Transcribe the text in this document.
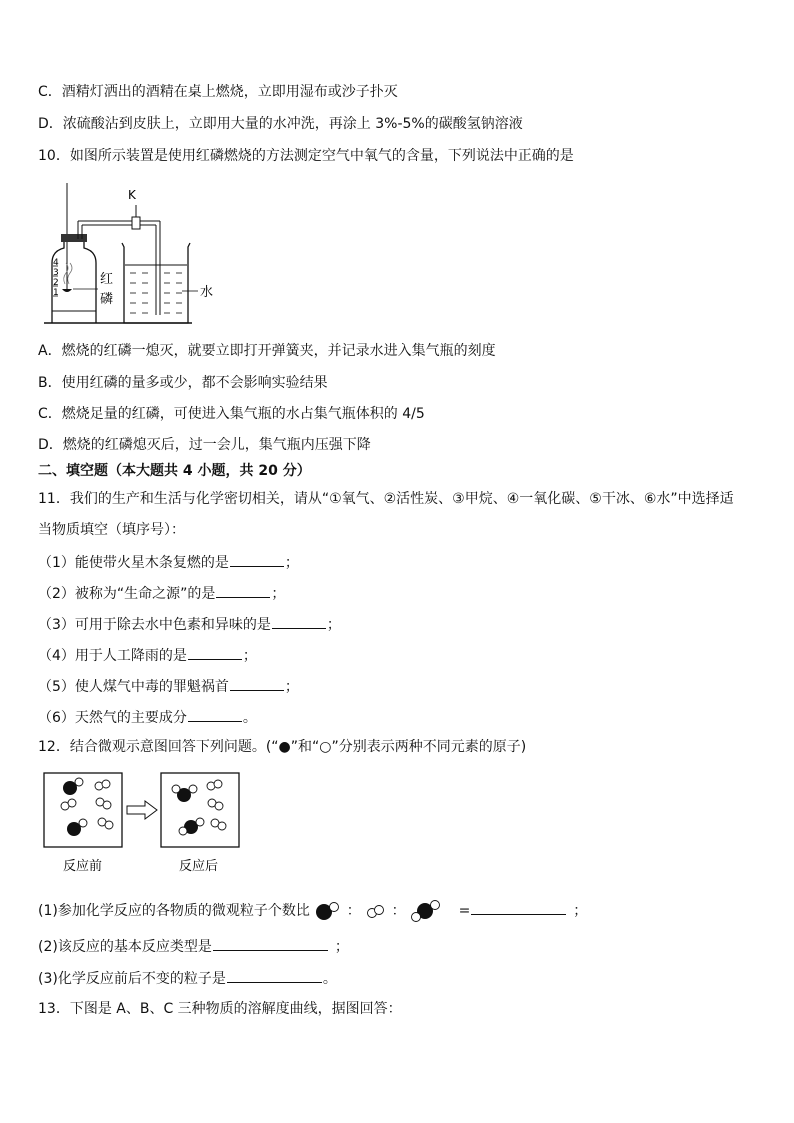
C．酒精灯洒出的酒精在桌上燃烧，立即用湿布或沙子扑灭
D．浓硫酸沾到皮肤上，立即用大量的水冲洗，再涂上 3%-5%的碳酸氢钠溶液
10．如图所示装置是使用红磷燃烧的方法测定空气中氧气的含量，下列说法中正确的是
4
3
2
1
红
磷
K
水
A．燃烧的红磷一熄灭，就要立即打开弹簧夹，并记录水进入集气瓶的刻度
B．使用红磷的量多或少，都不会影响实验结果
C．燃烧足量的红磷，可使进入集气瓶的水占集气瓶体积的 4/5
D．燃烧的红磷熄灭后，过一会儿，集气瓶内压强下降
二、填空题（本大题共 4 小题，共 20 分）
11．我们的生产和生活与化学密切相关，请从“①氧气、②活性炭、③甲烷、④一氧化碳、⑤干冰、⑥水”中选择适
当物质填空（填序号）：
（1）能使带火星木条复燃的是	；
（2）被称为“生命之源”的是	；
（3）可用于除去水中色素和异味的是	；
（4）用于人工降雨的是	；
（5）使人煤气中毒的罪魁祸首	；
（6）天然气的主要成分	。
12．结合微观示意图回答下列问题。(“●”和“○”分别表示两种不同元素的原子)
反应前	反应后
(1)参加化学反应的各物质的微观粒子个数比	： ：	=	；
(2)该反应的基本反应类型是	；
(3)化学反应前后不变的粒子是	。
13．下图是 A、B、C 三种物质的溶解度曲线，据图回答：
